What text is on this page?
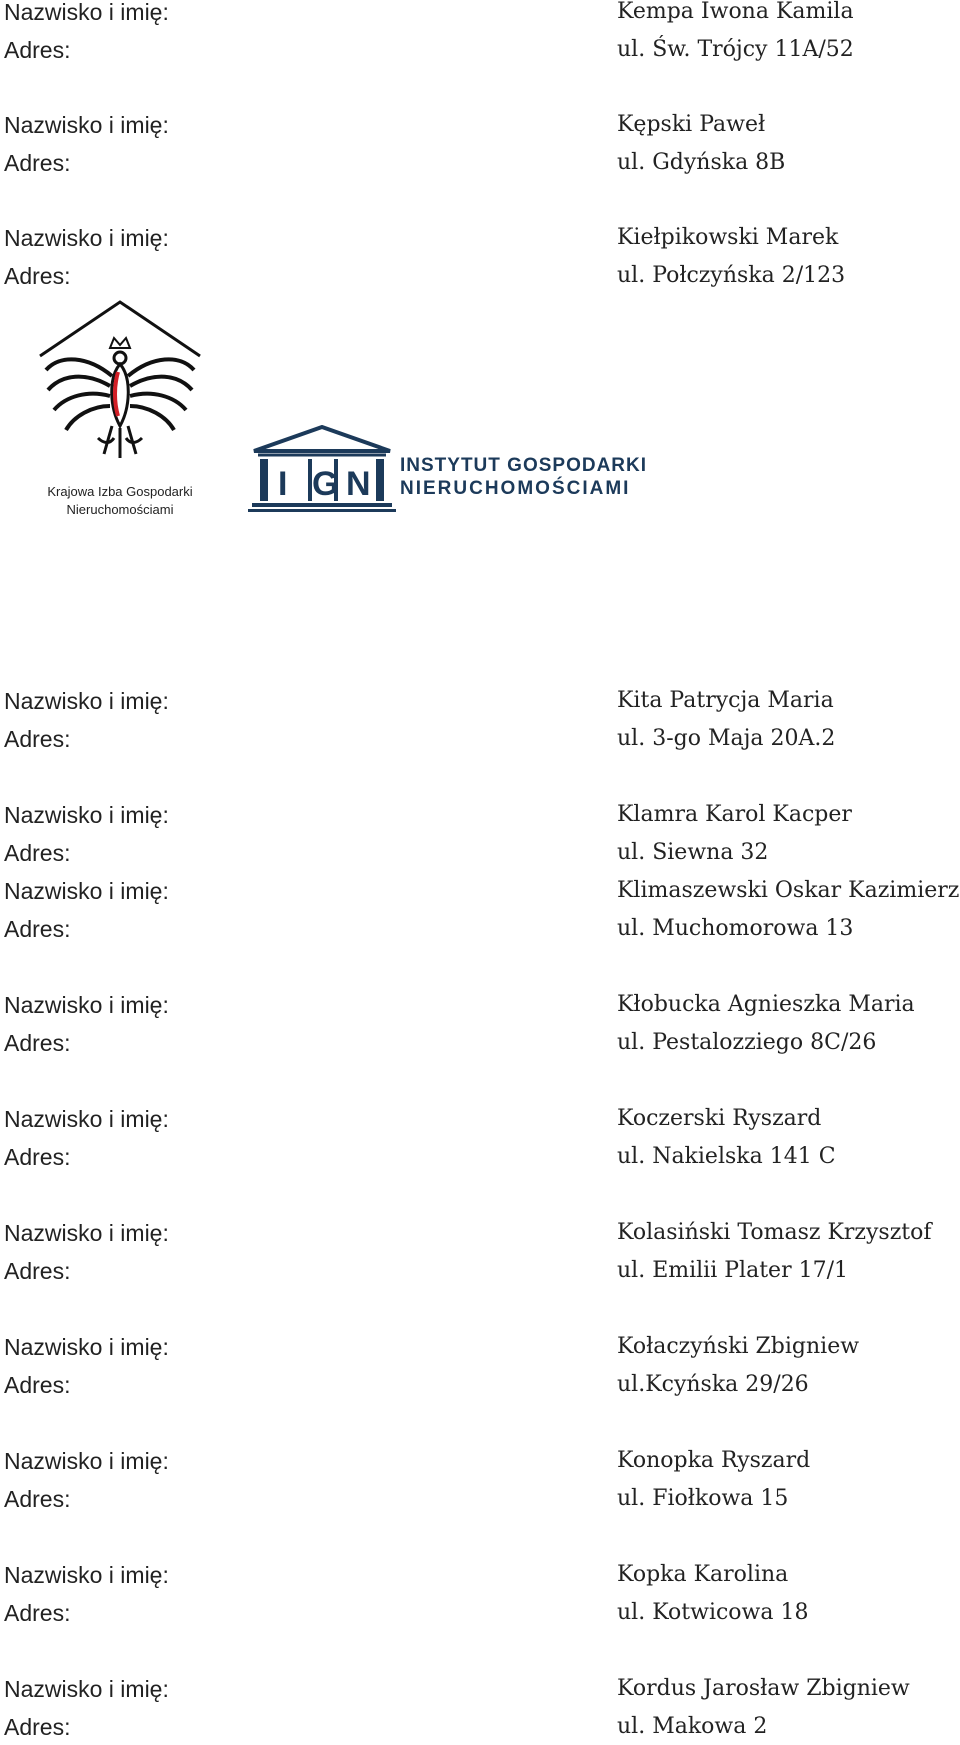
Nazwisko i imię:	Kempa Iwona Kamila
Adres:	ul. Św. Trójcy 11A/52
Nazwisko i imię:	Kępski Paweł
Adres:	ul. Gdyńska 8B
Nazwisko i imię:	Kiełpikowski Marek
Adres:	ul. Połczyńska 2/123
Krajowa Izba Gospodarki
Nieruchomościami
I G N INSTYTUT GOSPODARKI
NIERUCHOMOŚCIAMI
Nazwisko i imię:	Kita Patrycja Maria
Adres:	ul. 3-go Maja 20A.2
Nazwisko i imię:	Klamra Karol Kacper
Adres:	ul. Siewna 32
Nazwisko i imię:	Klimaszewski Oskar Kazimierz
Adres:	ul. Muchomorowa 13
Nazwisko i imię:	Kłobucka Agnieszka Maria
Adres:	ul. Pestalozziego 8C/26
Nazwisko i imię:	Koczerski Ryszard
Adres:	ul. Nakielska 141 C
Nazwisko i imię:	Kolasiński Tomasz Krzysztof
Adres:	ul. Emilii Plater 17/1
Nazwisko i imię:	Kołaczyński Zbigniew
Adres:	ul.Kcyńska 29/26
Nazwisko i imię:	Konopka Ryszard
Adres:	ul. Fiołkowa 15
Nazwisko i imię:	Kopka Karolina
Adres:	ul. Kotwicowa 18
Nazwisko i imię:	Kordus Jarosław Zbigniew
Adres:	ul. Makowa 2
